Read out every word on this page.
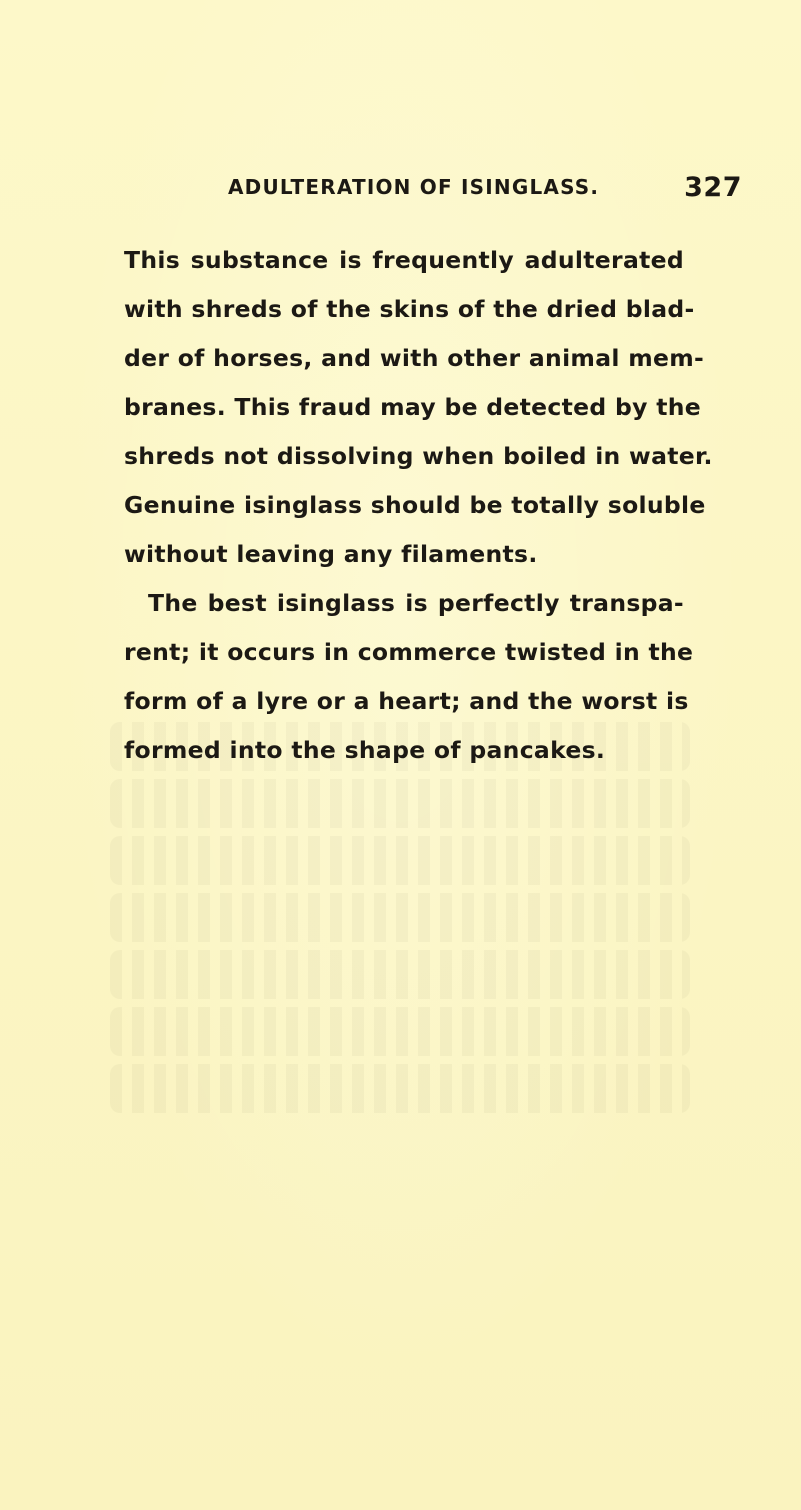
ADULTERATION OF ISINGLASS.	327
This substance is frequently adulterated
with shreds of the skins of the dried blad-
der of horses, and with other animal mem-
branes. This fraud may be detected by the
shreds not dissolving when boiled in water.
Genuine isinglass should be totally soluble
without leaving any filaments.
The best isinglass is perfectly transpa-
rent; it occurs in commerce twisted in the
form of a lyre or a heart; and the worst is
formed into the shape of pancakes.
